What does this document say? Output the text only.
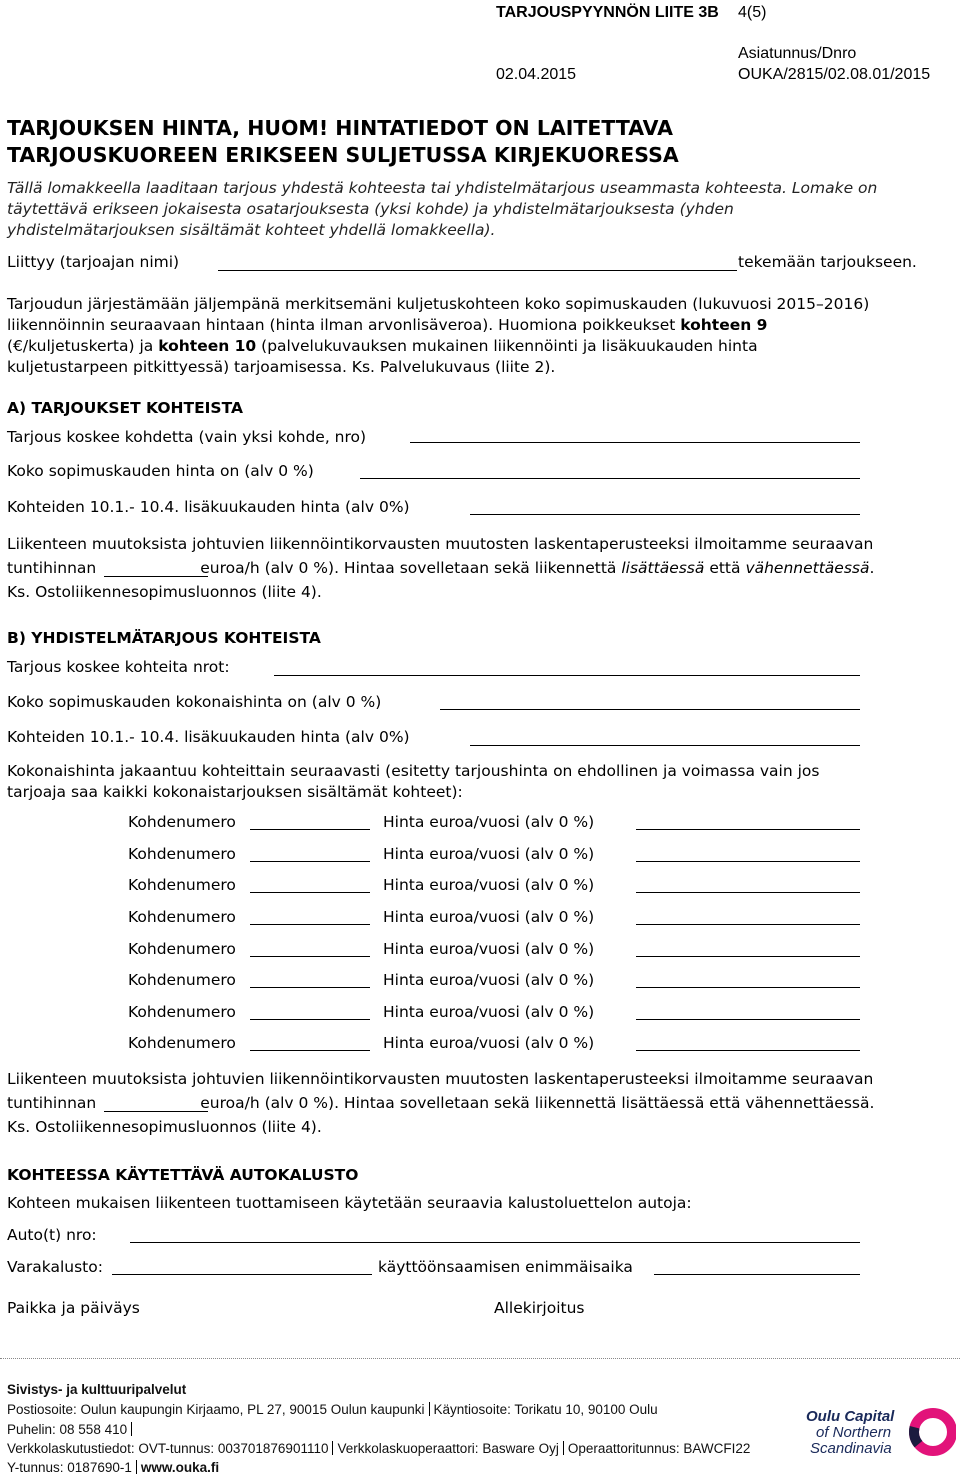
TARJOUSPYYNNÖN LIITE 3B 4(5)
Asiatunnus/Dnro
02.04.2015	OUKA/2815/02.08.01/2015
TARJOUKSEN HINTA, HUOM! HINTATIEDOT ON LAITETTAVA
TARJOUSKUOREEN ERIKSEEN SULJETUSSA KIRJEKUORESSA
Tällä lomakkeella laaditaan tarjous yhdestä kohteesta tai yhdistelmätarjous useammasta kohteesta. Lomake on
täytettävä erikseen jokaisesta osatarjouksesta (yksi kohde) ja yhdistelmätarjouksesta (yhden
yhdistelmätarjouksen sisältämät kohteet yhdellä lomakkeella).
Liittyy (tarjoajan nimi)	tekemään tarjoukseen.
Tarjoudun järjestämään jäljempänä merkitsemäni kuljetuskohteen koko sopimuskauden (lukuvuosi 2015–2016)
liikennöinnin seuraavaan hintaan (hinta ilman arvonlisäveroa). Huomiona poikkeukset kohteen 9
(€/kuljetuskerta) ja kohteen 10 (palvelukuvauksen mukainen liikennöinti ja lisäkuukauden hinta
kuljetustarpeen pitkittyessä) tarjoamisessa. Ks. Palvelukuvaus (liite 2).
A) TARJOUKSET KOHTEISTA
Tarjous koskee kohdetta (vain yksi kohde, nro)
Koko sopimuskauden hinta on (alv 0 %)
Kohteiden 10.1.- 10.4. lisäkuukauden hinta (alv 0%)
Liikenteen muutoksista johtuvien liikennöintikorvausten muutosten laskentaperusteeksi ilmoitamme seuraavan
tuntihinnan	euroa/h (alv 0 %). Hintaa sovelletaan sekä liikennettä lisättäessä että vähennettäessä.
Ks. Ostoliikennesopimusluonnos (liite 4).
B) YHDISTELMÄTARJOUS KOHTEISTA
Tarjous koskee kohteita nrot:
Koko sopimuskauden kokonaishinta on (alv 0 %)
Kohteiden 10.1.- 10.4. lisäkuukauden hinta (alv 0%)
Kokonaishinta jakaantuu kohteittain seuraavasti (esitetty tarjoushinta on ehdollinen ja voimassa vain jos
tarjoaja saa kaikki kokonaistarjouksen sisältämät kohteet):
Kohdenumero	Hinta euroa/vuosi (alv 0 %)
Kohdenumero	Hinta euroa/vuosi (alv 0 %)
Kohdenumero	Hinta euroa/vuosi (alv 0 %)
Kohdenumero	Hinta euroa/vuosi (alv 0 %)
Kohdenumero	Hinta euroa/vuosi (alv 0 %)
Kohdenumero	Hinta euroa/vuosi (alv 0 %)
Kohdenumero	Hinta euroa/vuosi (alv 0 %)
Kohdenumero	Hinta euroa/vuosi (alv 0 %)
Liikenteen muutoksista johtuvien liikennöintikorvausten muutosten laskentaperusteeksi ilmoitamme seuraavan
tuntihinnan	euroa/h (alv 0 %). Hintaa sovelletaan sekä liikennettä lisättäessä että vähennettäessä.
Ks. Ostoliikennesopimusluonnos (liite 4).
KOHTEESSA KÄYTETTÄVÄ AUTOKALUSTO
Kohteen mukaisen liikenteen tuottamiseen käytetään seuraavia kalustoluettelon autoja:
Auto(t) nro:
Varakalusto:	käyttöönsaamisen enimmäisaika
Paikka ja päiväys	Allekirjoitus
Sivistys- ja kulttuuripalvelut
Postiosoite: Oulun kaupungin Kirjaamo, PL 27, 90015 Oulun kaupunki Käyntiosoite: Torikatu 10, 90100 Oulu
Puhelin: 08 558 410
Verkkolaskutustiedot: OVT-tunnus: 003701876901110 Verkkolaskuoperaattori: Basware Oyj Operaattoritunnus: BAWCFI22
Y-tunnus: 0187690-1 www.ouka.fi
Oulu Capital
of Northern
Scandinavia
